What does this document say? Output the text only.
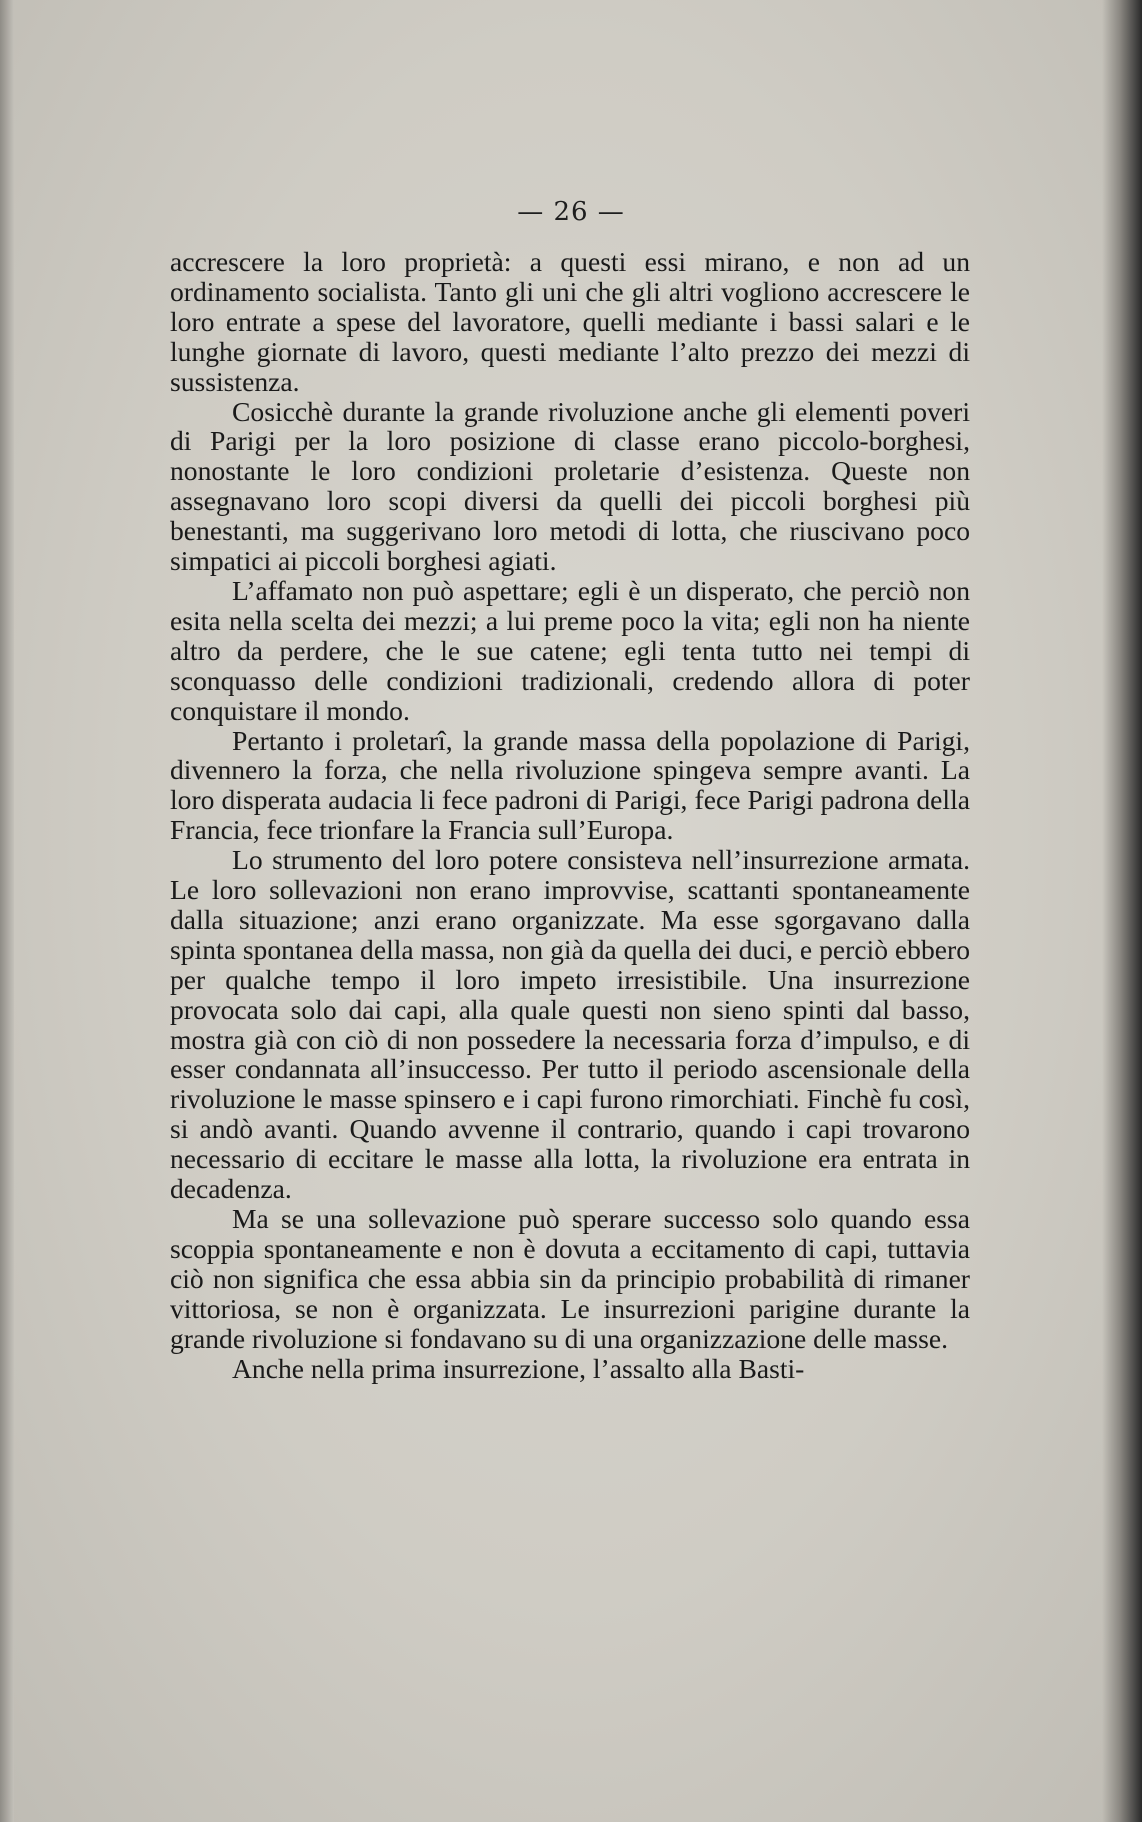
— 26 —

accrescere la loro proprietà: a questi essi mirano, e non ad un ordinamento socialista. Tanto gli uni che gli altri vogliono accrescere le loro entrate a spese del lavoratore, quelli mediante i bassi salari e le lunghe giornate di lavoro, questi mediante l’alto prezzo dei mezzi di sussistenza.

Cosicchè durante la grande rivoluzione anche gli elementi poveri di Parigi per la loro posizione di classe erano piccolo-borghesi, nonostante le loro condizioni proletarie d’esistenza. Queste non assegnavano loro scopi diversi da quelli dei piccoli borghesi più benestanti, ma suggerivano loro metodi di lotta, che riuscivano poco simpatici ai piccoli borghesi agiati.

L’affamato non può aspettare; egli è un disperato, che perciò non esita nella scelta dei mezzi; a lui preme poco la vita; egli non ha niente altro da perdere, che le sue catene; egli tenta tutto nei tempi di sconquasso delle condizioni tradizionali, credendo allora di poter conquistare il mondo.

Pertanto i proletarî, la grande massa della popolazione di Parigi, divennero la forza, che nella rivoluzione spingeva sempre avanti. La loro disperata audacia li fece padroni di Parigi, fece Parigi padrona della Francia, fece trionfare la Francia sull’Europa.

Lo strumento del loro potere consisteva nell’insurrezione armata. Le loro sollevazioni non erano improvvise, scattanti spontaneamente dalla situazione; anzi erano organizzate. Ma esse sgorgavano dalla spinta spontanea della massa, non già da quella dei duci, e perciò ebbero per qualche tempo il loro impeto irresistibile. Una insurrezione provocata solo dai capi, alla quale questi non sieno spinti dal basso, mostra già con ciò di non possedere la necessaria forza d’impulso, e di esser condannata all’insuccesso. Per tutto il periodo ascensionale della rivoluzione le masse spinsero e i capi furono rimorchiati. Finchè fu così, si andò avanti. Quando avvenne il contrario, quando i capi trovarono necessario di eccitare le masse alla lotta, la rivoluzione era entrata in decadenza.

Ma se una sollevazione può sperare successo solo quando essa scoppia spontaneamente e non è dovuta a eccitamento di capi, tuttavia ciò non significa che essa abbia sin da principio probabilità di rimaner vittoriosa, se non è organizzata. Le insurrezioni parigine durante la grande rivoluzione si fondavano su di una organizzazione delle masse.

Anche nella prima insurrezione, l’assalto alla Basti-
